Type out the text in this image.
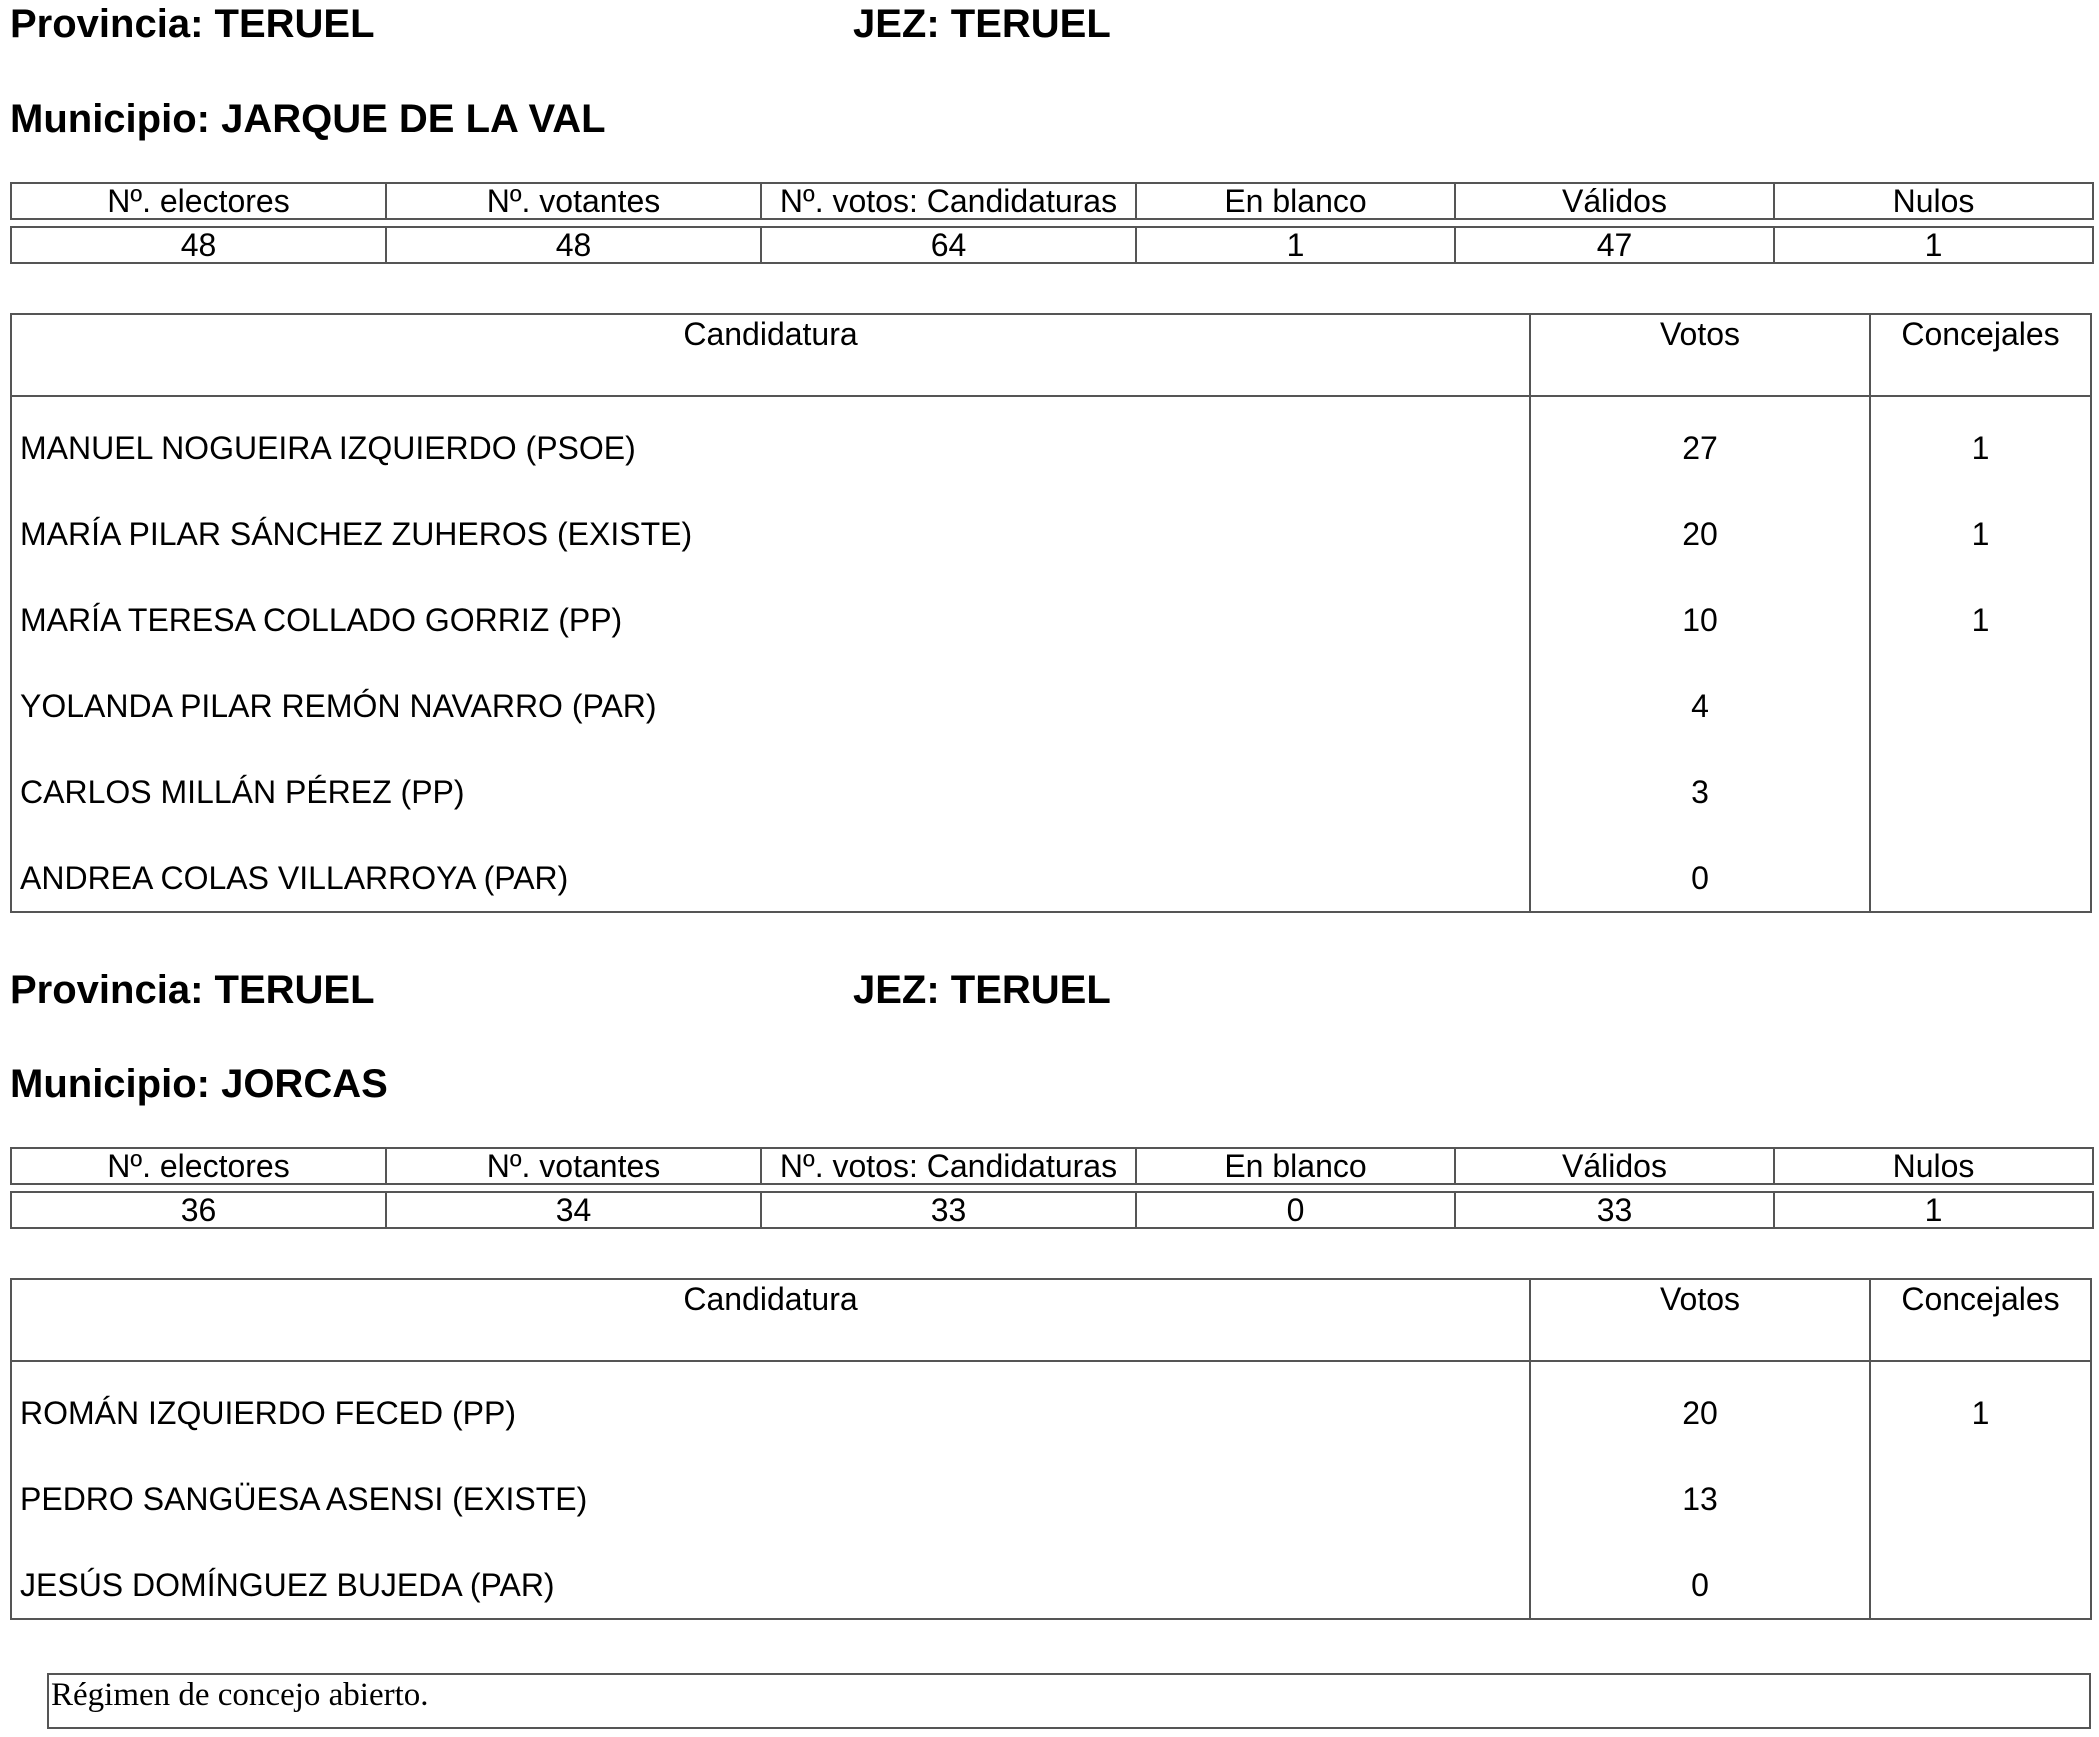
Provincia: TERUEL	JEZ: TERUEL
Municipio: JARQUE DE LA VAL
Nº. electores	Nº. votantes	Nº. votos: Candidaturas	En blanco	Válidos	Nulos
48	48	64	1	47	1
Candidatura	Votos	Concejales
MANUEL NOGUEIRA IZQUIERDO (PSOE)	27	1
MARÍA PILAR SÁNCHEZ ZUHEROS (EXISTE)	20	1
MARÍA TERESA COLLADO GORRIZ (PP)	10	1
YOLANDA PILAR REMÓN NAVARRO (PAR)	4
CARLOS MILLÁN PÉREZ (PP)	3
ANDREA COLAS VILLARROYA (PAR)	0
Provincia: TERUEL	JEZ: TERUEL
Municipio: JORCAS
Nº. electores	Nº. votantes	Nº. votos: Candidaturas	En blanco	Válidos	Nulos
36	34	33	0	33	1
Candidatura	Votos	Concejales
ROMÁN IZQUIERDO FECED (PP)	20	1
PEDRO SANGÜESA ASENSI (EXISTE)	13
JESÚS DOMÍNGUEZ BUJEDA (PAR)	0
Régimen de concejo abierto.
